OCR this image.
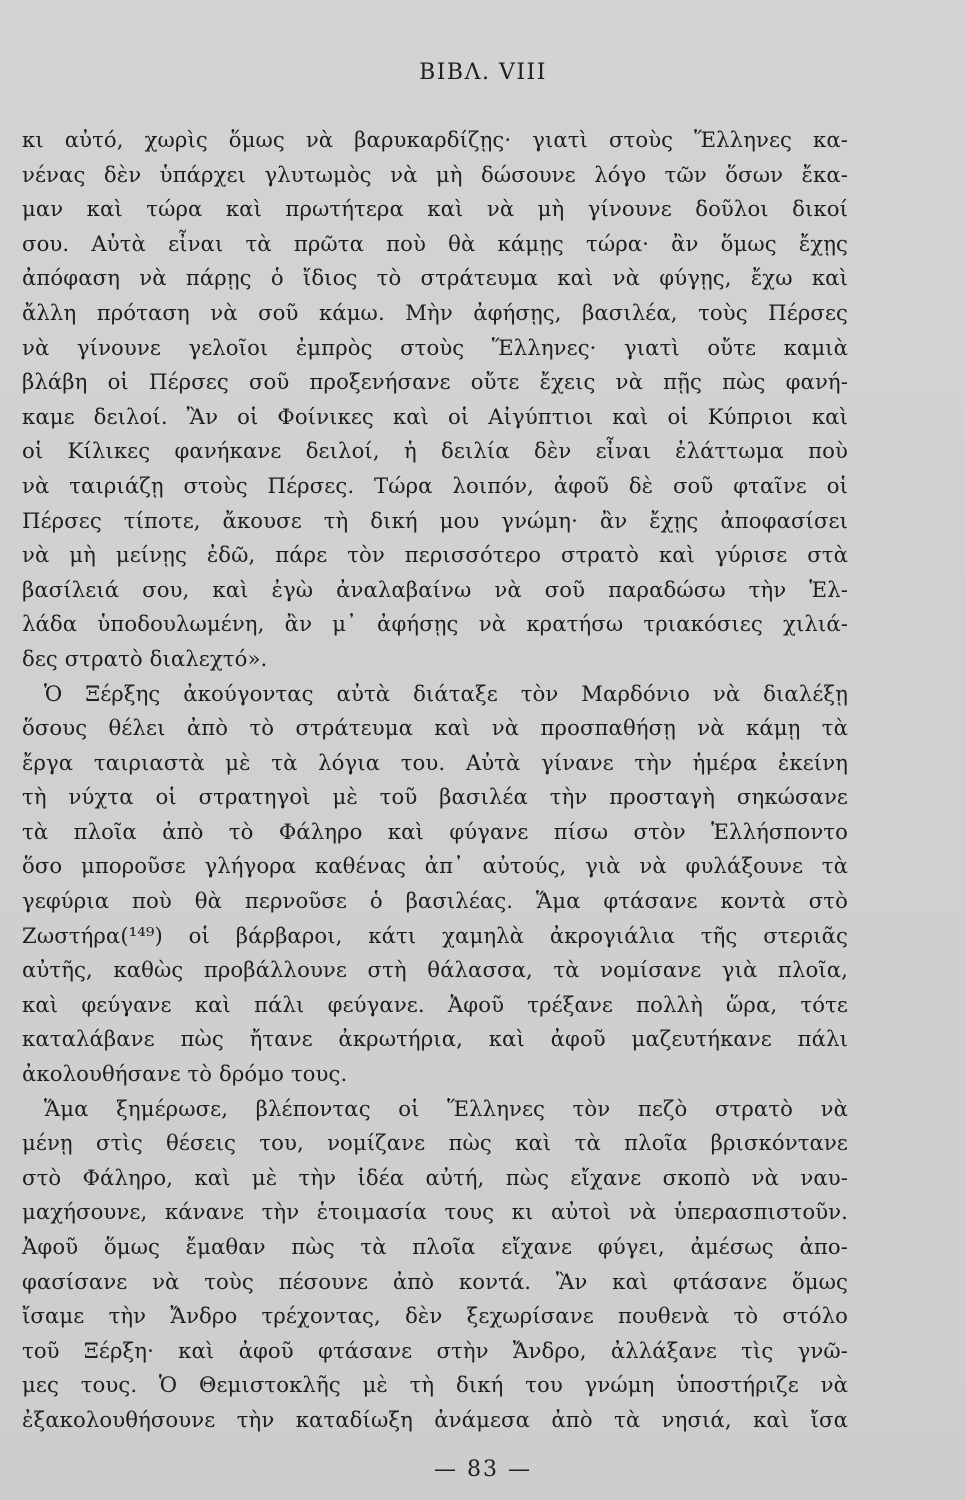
ΒΙΒΛ. VIII
κι αὐτό, χωρὶς ὅμως νὰ βαρυκαρδίζῃς· γιατὶ στοὺς Ἕλληνες κα-
νένας δὲν ὑπάρχει γλυτωμὸς νὰ μὴ δώσουνε λόγο τῶν ὅσων ἔκα-
μαν καὶ τώρα καὶ πρωτήτερα καὶ νὰ μὴ γίνουνε δοῦλοι δικοί
σου. Αὐτὰ εἶναι τὰ πρῶτα ποὺ θὰ κάμῃς τώρα· ἂν ὅμως ἔχῃς
ἀπόφαση νὰ πάρῃς ὁ ἴδιος τὸ στράτευμα καὶ νὰ φύγῃς, ἔχω καὶ
ἄλλη πρόταση νὰ σοῦ κάμω. Μὴν ἀφήσῃς, βασιλέα, τοὺς Πέρσες
νὰ γίνουνε γελοῖοι ἐμπρὸς στοὺς Ἕλληνες· γιατὶ οὔτε καμιὰ
βλάβη οἱ Πέρσες σοῦ προξενήσανε οὔτε ἔχεις νὰ πῇς πὼς φανή-
καμε δειλοί. Ἂν οἱ Φοίνικες καὶ οἱ Αἰγύπτιοι καὶ οἱ Κύπριοι καὶ
οἱ Κίλικες φανήκανε δειλοί, ἡ δειλία δὲν εἶναι ἐλάττωμα ποὺ
νὰ ταιριάζῃ στοὺς Πέρσες. Τώρα λοιπόν, ἀφοῦ δὲ σοῦ φταῖνε οἱ
Πέρσες τίποτε, ἄκουσε τὴ δική μου γνώμη· ἂν ἔχῃς ἀποφασίσει
νὰ μὴ μείνῃς ἐδῶ, πάρε τὸν περισσότερο στρατὸ καὶ γύρισε στὰ
βασίλειά σου, καὶ ἐγὼ ἀναλαβαίνω νὰ σοῦ παραδώσω τὴν Ἑλ-
λάδα ὑποδουλωμένη, ἂν μ᾿ ἀφήσῃς νὰ κρατήσω τριακόσιες χιλιά-
δες στρατὸ διαλεχτό».
Ὁ Ξέρξης ἀκούγοντας αὐτὰ διάταξε τὸν Μαρδόνιο νὰ διαλέξῃ
ὅσους θέλει ἀπὸ τὸ στράτευμα καὶ νὰ προσπαθήσῃ νὰ κάμῃ τὰ
ἔργα ταιριαστὰ μὲ τὰ λόγια του. Αὐτὰ γίνανε τὴν ἡμέρα ἐκείνη
τὴ νύχτα οἱ στρατηγοὶ μὲ τοῦ βασιλέα τὴν προσταγὴ σηκώσανε
τὰ πλοῖα ἀπὸ τὸ Φάληρο καὶ φύγανε πίσω στὸν Ἑλλήσποντο
ὅσο μποροῦσε γλήγορα καθένας ἀπ᾿ αὐτούς, γιὰ νὰ φυλάξουνε τὰ
γεφύρια ποὺ θὰ περνοῦσε ὁ βασιλέας. Ἅμα φτάσανε κοντὰ στὸ
Ζωστήρα(¹⁴⁹) οἱ βάρβαροι, κάτι χαμηλὰ ἀκρογιάλια τῆς στεριᾶς
αὐτῆς, καθὼς προβάλλουνε στὴ θάλασσα, τὰ νομίσανε γιὰ πλοῖα,
καὶ φεύγανε καὶ πάλι φεύγανε. Ἀφοῦ τρέξανε πολλὴ ὥρα, τότε
καταλάβανε πὼς ἤτανε ἀκρωτήρια, καὶ ἀφοῦ μαζευτήκανε πάλι
ἀκολουθήσανε τὸ δρόμο τους.
Ἅμα ξημέρωσε, βλέποντας οἱ Ἕλληνες τὸν πεζὸ στρατὸ νὰ
μένῃ στὶς θέσεις του, νομίζανε πὼς καὶ τὰ πλοῖα βρισκόντανε
στὸ Φάληρο, καὶ μὲ τὴν ἰδέα αὐτή, πὼς εἴχανε σκοπὸ νὰ ναυ-
μαχήσουνε, κάνανε τὴν ἑτοιμασία τους κι αὐτοὶ νὰ ὑπερασπιστοῦν.
Ἀφοῦ ὅμως ἔμαθαν πὼς τὰ πλοῖα εἴχανε φύγει, ἀμέσως ἀπο-
φασίσανε νὰ τοὺς πέσουνε ἀπὸ κοντά. Ἂν καὶ φτάσανε ὅμως
ἴσαμε τὴν Ἄνδρο τρέχοντας, δὲν ξεχωρίσανε πουθενὰ τὸ στόλο
τοῦ Ξέρξη· καὶ ἀφοῦ φτάσανε στὴν Ἄνδρο, ἀλλάξανε τὶς γνῶ-
μες τους. Ὁ Θεμιστοκλῆς μὲ τὴ δική του γνώμη ὑποστήριζε νὰ
ἐξακολουθήσουνε τὴν καταδίωξη ἀνάμεσα ἀπὸ τὰ νησιά, καὶ ἴσα
— 83 —
